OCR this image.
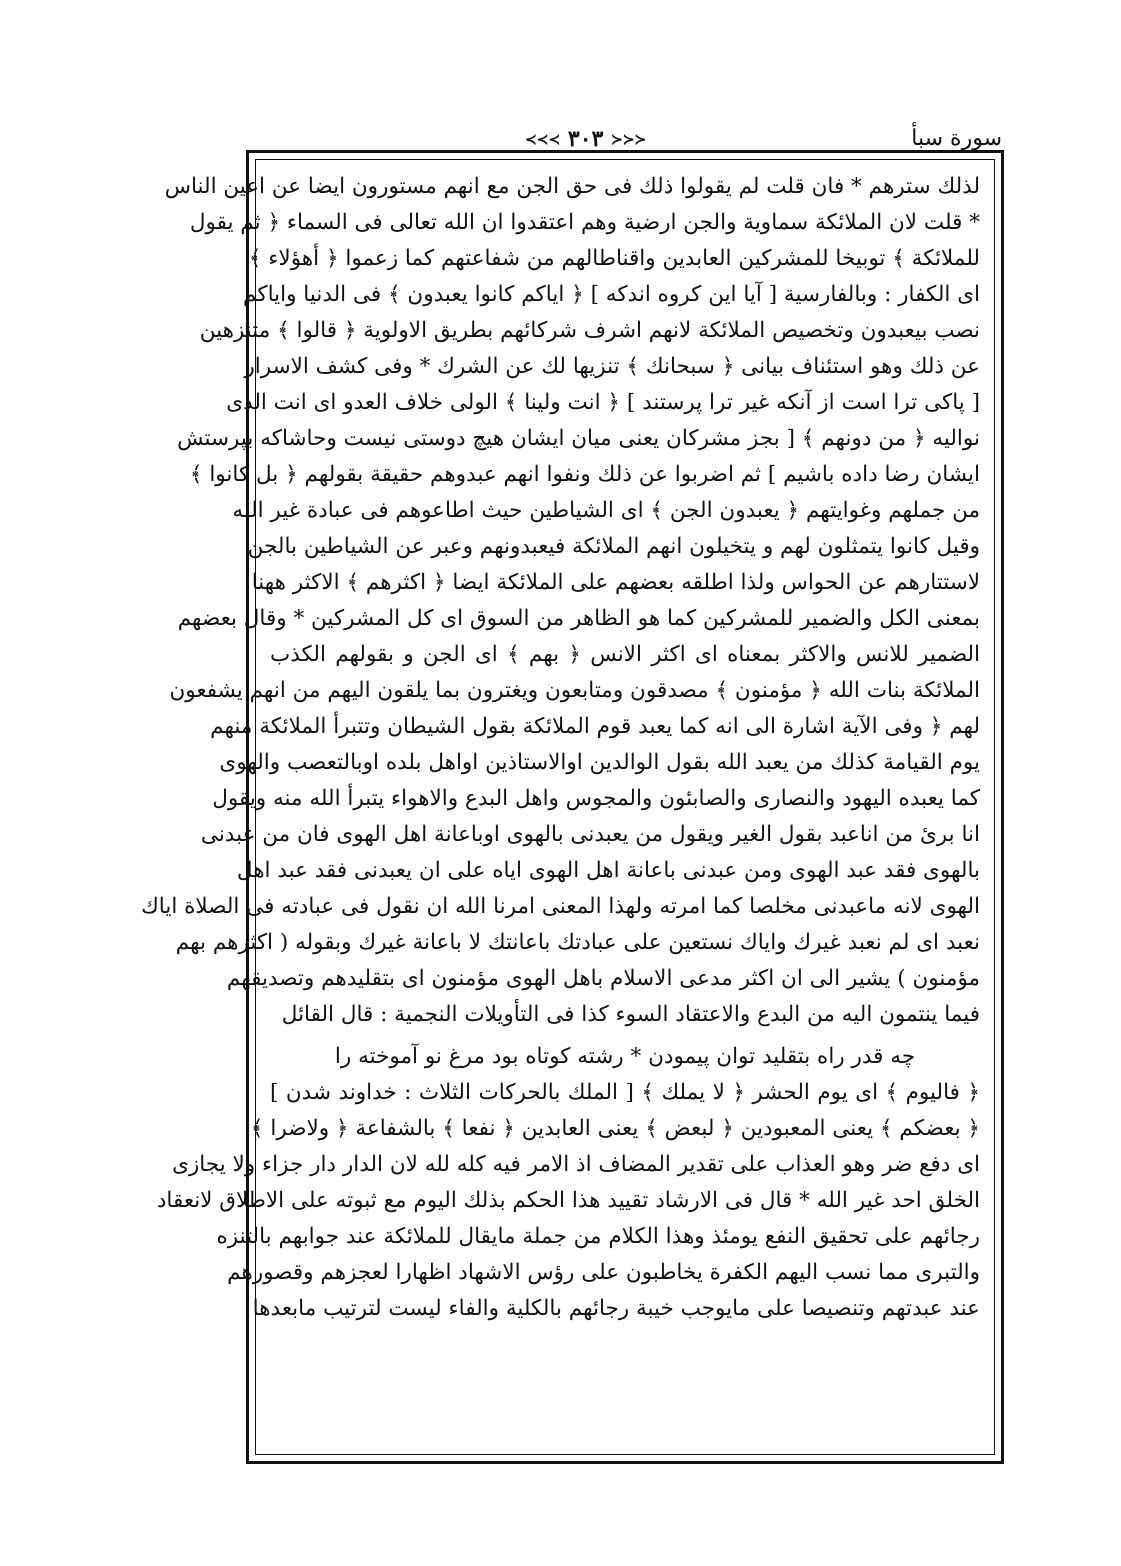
سورة سبأ
≺≺≺ ٣٠٣ ≻≻≻
لذلك سترهم * فان قلت لم يقولوا ذلك فى حق الجن مع انهم مستورون ايضا عن اعين الناس
* قلت لان الملائكة سماوية والجن ارضية وهم اعتقدوا ان الله تعالى فى السماء ﴿ ثم يقول
للملائكة ﴾ توبيخا للمشركين العابدين واقناطالهم من شفاعتهم كما زعموا ﴿ أهؤلاء ﴾
اى الكفار : وبالفارسية [ آيا اين كروه اندكه ] ﴿ اياكم كانوا يعبدون ﴾ فى الدنيا واياكم
نصب بيعبدون وتخصيص الملائكة لانهم اشرف شركائهم بطريق الاولوية ﴿ قالوا ﴾ متنزهين
عن ذلك وهو استئناف بيانى ﴿ سبحانك ﴾ تنزيها لك عن الشرك * وفى كشف الاسرار
[ پاكى ترا است از آنكه غير ترا پرستند ] ﴿ انت ولينا ﴾ الولى خلاف العدو اى انت الذى
نواليه ﴿ من دونهم ﴾ [ بجز مشركان يعنى ميان ايشان هيچ دوستى نيست وحاشاكه بپرستش
ايشان رضا داده باشيم ] ثم اضربوا عن ذلك ونفوا انهم عبدوهم حقيقة بقولهم ﴿ بل كانوا ﴾
من جملهم وغوايتهم ﴿ يعبدون الجن ﴾ اى الشياطين حيث اطاعوهم فى عبادة غير الله
وقيل كانوا يتمثلون لهم و يتخيلون انهم الملائكة فيعبدونهم وعبر عن الشياطين بالجن
لاستتارهم عن الحواس ولذا اطلقه بعضهم على الملائكة ايضا ﴿ اكثرهم ﴾ الاكثر ههنا
بمعنى الكل والضمير للمشركين كما هو الظاهر من السوق اى كل المشركين * وقال بعضهم
الضمير للانس والاكثر بمعناه اى اكثر الانس ﴿ بهم ﴾ اى الجن و بقولهم الكذب
الملائكة بنات الله ﴿ مؤمنون ﴾ مصدقون ومتابعون ويغترون بما يلقون اليهم من انهم يشفعون
لهم ﴿ وفى الآية اشارة الى انه كما يعبد قوم الملائكة بقول الشيطان وتتبرأ الملائكة منهم
يوم القيامة كذلك من يعبد الله بقول الوالدين اوالاستاذين اواهل بلده اوبالتعصب والهوى
كما يعبده اليهود والنصارى والصابئون والمجوس واهل البدع والاهواء يتبرأ الله منه ويقول
انا برئ من اناعبد بقول الغير ويقول من يعبدنى بالهوى اوباعانة اهل الهوى فان من عبدنى
بالهوى فقد عبد الهوى ومن عبدنى باعانة اهل الهوى اياه على ان يعبدنى فقد عبد اهل
الهوى لانه ماعبدنى مخلصا كما امرته ولهذا المعنى امرنا الله ان نقول فى عبادته فى الصلاة اياك
نعبد اى لم نعبد غيرك واياك نستعين على عبادتك باعانتك لا باعانة غيرك وبقوله ( اكثرهم بهم
مؤمنون ) يشير الى ان اكثر مدعى الاسلام باهل الهوى مؤمنون اى بتقليدهم وتصديقهم
فيما ينتمون اليه من البدع والاعتقاد السوء كذا فى التأويلات النجمية : قال القائل
چه قدر راه بتقليد توان پيمودن * رشته كوتاه بود مرغ نو آموخته را
﴿ فاليوم ﴾ اى يوم الحشر ﴿ لا يملك ﴾ [ الملك بالحركات الثلاث : خداوند شدن ]
﴿ بعضكم ﴾ يعنى المعبودين ﴿ لبعض ﴾ يعنى العابدين ﴿ نفعا ﴾ بالشفاعة ﴿ ولاضرا ﴾
اى دفع ضر وهو العذاب على تقدير المضاف اذ الامر فيه كله لله لان الدار دار جزاء ولا يجازى
الخلق احد غير الله * قال فى الارشاد تقييد هذا الحكم بذلك اليوم مع ثبوته على الاطلاق لانعقاد
رجائهم على تحقيق النفع يومئذ وهذا الكلام من جملة مايقال للملائكة عند جوابهم بالتنزه
والتبرى مما نسب اليهم الكفرة يخاطبون على رؤس الاشهاد اظهارا لعجزهم وقصورهم
عند عبدتهم وتنصيصا على مايوجب خيبة رجائهم بالكلية والفاء ليست لترتيب مابعدها
